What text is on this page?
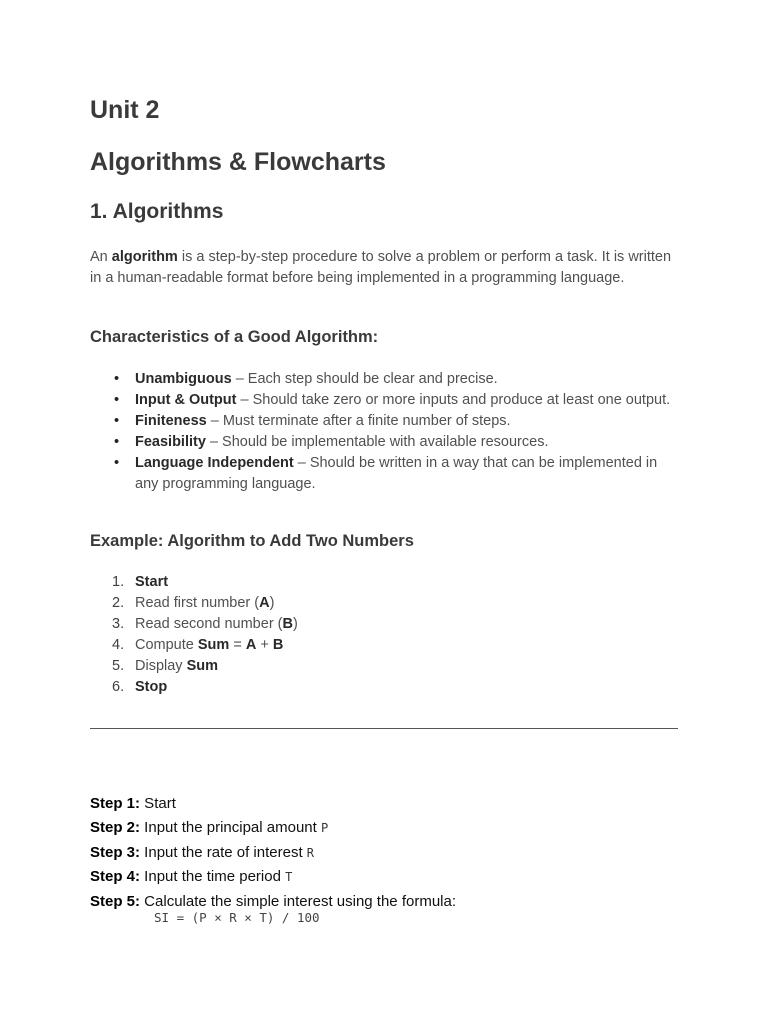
Unit 2
Algorithms & Flowcharts
1. Algorithms

An algorithm is a step-by-step procedure to solve a problem or perform a task. It is written in a human-readable format before being implemented in a programming language.

Characteristics of a Good Algorithm:
• Unambiguous – Each step should be clear and precise.
• Input & Output – Should take zero or more inputs and produce at least one output.
• Finiteness – Must terminate after a finite number of steps.
• Feasibility – Should be implementable with available resources.
• Language Independent – Should be written in a way that can be implemented in any programming language.
Example: Algorithm to Add Two Numbers
1. Start
2. Read first number (A)
3. Read second number (B)
4. Compute Sum = A + B
5. Display Sum
6. Stop
Step 1: Start
Step 2: Input the principal amount P
Step 3: Input the rate of interest R
Step 4: Input the time period T
Step 5: Calculate the simple interest using the formula:
SI = (P × R × T) / 100
